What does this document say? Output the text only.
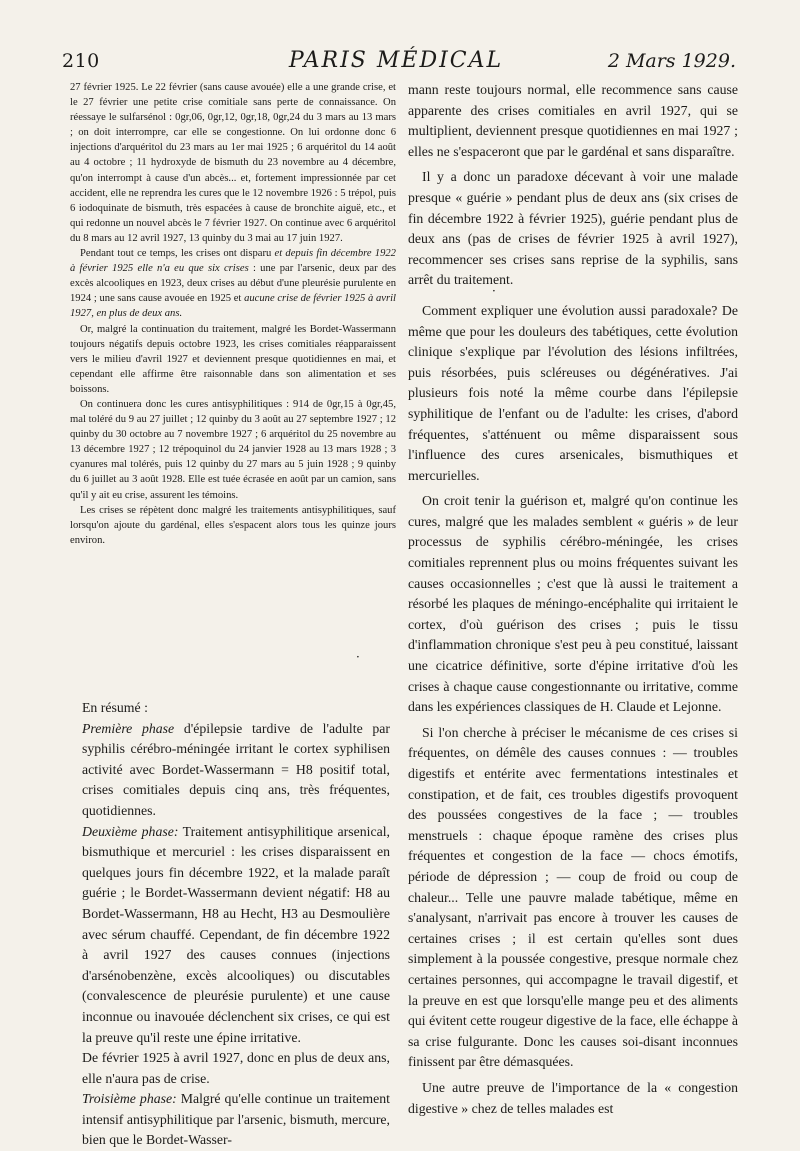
210	PARIS MÉDICAL	2 Mars 1929.

27 février 1925. Le 22 février (sans cause avouée) elle a une grande crise, et le 27 février une petite crise comitiale sans perte de connaissance. On réessaye le sulfarsénol : 0gr,06, 0gr,12, 0gr,18, 0gr,24 du 3 mars au 13 mars ; on doit interrompre, car elle se congestionne. On lui ordonne donc 6 injections d'arquéritol du 23 mars au 1er mai 1925 ; 6 arquéritol du 14 août au 4 octobre ; 11 hydroxyde de bismuth du 23 novembre au 4 décembre, qu'on interrompt à cause d'un abcès... et, fortement impressionnée par cet accident, elle ne reprendra les cures que le 12 novembre 1926 : 5 trépol, puis 6 iodoquinate de bismuth, très espacées à cause de bronchite aiguë, etc., et qui redonne un nouvel abcès le 7 février 1927. On continue avec 6 arquéritol du 8 mars au 12 avril 1927, 13 quinby du 3 mai au 17 juin 1927.

Pendant tout ce temps, les crises ont disparu et depuis fin décembre 1922 à février 1925 elle n'a eu que six crises : une par l'arsenic, deux par des excès alcooliques en 1923, deux crises au début d'une pleurésie purulente en 1924 ; une sans cause avouée en 1925 et aucune crise de février 1925 à avril 1927, en plus de deux ans.

Or, malgré la continuation du traitement, malgré les Bordet-Wassermann toujours négatifs depuis octobre 1923, les crises comitiales réapparaissent vers le milieu d'avril 1927 et deviennent presque quotidiennes en mai, et cependant elle affirme être raisonnable dans son alimentation et ses boissons.

On continuera donc les cures antisyphilitiques : 914 de 0gr,15 à 0gr,45, mal toléré du 9 au 27 juillet ; 12 quinby du 3 août au 27 septembre 1927 ; 12 quinby du 30 octobre au 7 novembre 1927 ; 6 arquéritol du 25 novembre au 13 décembre 1927 ; 12 trépoquinol du 24 janvier 1928 au 13 mars 1928 ; 3 cyanures mal tolérés, puis 12 quinby du 27 mars au 5 juin 1928 ; 9 quinby du 6 juillet au 3 août 1928. Elle est tuée écrasée en août par un camion, sans qu'il y ait eu crise, assurent les témoins.

Les crises se répètent donc malgré les traitements antisyphilitiques, sauf lorsqu'on ajoute du gardénal, elles s'espacent alors tous les quinze jours environ.

En résumé :

Première phase d'épilepsie tardive de l'adulte par syphilis cérébro-méningée irritant le cortex syphilisen activité avec Bordet-Wassermann = H8 positif total, crises comitiales depuis cinq ans, très fréquentes, quotidiennes.

Deuxième phase: Traitement antisyphilitique arsenical, bismuthique et mercuriel : les crises disparaissent en quelques jours fin décembre 1922, et la malade paraît guérie ; le Bordet-Wassermann devient négatif: H8 au Bordet-Wassermann, H8 au Hecht, H3 au Desmoulière avec sérum chauffé. Cependant, de fin décembre 1922 à avril 1927 des causes connues (injections d'arsénobenzène, excès alcooliques) ou discutables (convalescence de pleurésie purulente) et une cause inconnue ou inavouée déclenchent six crises, ce qui est la preuve qu'il reste une épine irritative.

De février 1925 à avril 1927, donc en plus de deux ans, elle n'aura pas de crise.

Troisième phase: Malgré qu'elle continue un traitement intensif antisyphilitique par l'arsenic, bismuth, mercure, bien que le Bordet-Wasser-

mann reste toujours normal, elle recommence sans cause apparente des crises comitiales en avril 1927, qui se multiplient, deviennent presque quotidiennes en mai 1927 ; elles ne s'espaceront que par le gardénal et sans disparaître.

Il y a donc un paradoxe décevant à voir une malade presque « guérie » pendant plus de deux ans (six crises de fin décembre 1922 à février 1925), guérie pendant plus de deux ans (pas de crises de février 1925 à avril 1927), recommencer ses crises sans reprise de la syphilis, sans arrêt du traitement.

Comment expliquer une évolution aussi paradoxale? De même que pour les douleurs des tabétiques, cette évolution clinique s'explique par l'évolution des lésions infiltrées, puis résorbées, puis scléreuses ou dégénératives. J'ai plusieurs fois noté la même courbe dans l'épilepsie syphilitique de l'enfant ou de l'adulte: les crises, d'abord fréquentes, s'atténuent ou même disparaissent sous l'influence des cures arsenicales, bismuthiques et mercurielles.

On croit tenir la guérison et, malgré qu'on continue les cures, malgré que les malades semblent « guéris » de leur processus de syphilis cérébro-méningée, les crises comitiales reprennent plus ou moins fréquentes suivant les causes occasionnelles ; c'est que là aussi le traitement a résorbé les plaques de méningo-encéphalite qui irritaient le cortex, d'où guérison des crises ; puis le tissu d'inflammation chronique s'est peu à peu constitué, laissant une cicatrice définitive, sorte d'épine irritative d'où les crises à chaque cause congestionnante ou irritative, comme dans les expériences classiques de H. Claude et Lejonne.

Si l'on cherche à préciser le mécanisme de ces crises si fréquentes, on démêle des causes connues : — troubles digestifs et entérite avec fermentations intestinales et constipation, et de fait, ces troubles digestifs provoquent des poussées congestives de la face ; — troubles menstruels : chaque époque ramène des crises plus fréquentes et congestion de la face — chocs émotifs, période de dépression ; — coup de froid ou coup de chaleur... Telle une pauvre malade tabétique, même en s'analysant, n'arrivait pas encore à trouver les causes de certaines crises ; il est certain qu'elles sont dues simplement à la poussée congestive, presque normale chez certaines personnes, qui accompagne le travail digestif, et la preuve en est que lorsqu'elle mange peu et des aliments qui évitent cette rougeur digestive de la face, elle échappe à sa crise fulgurante. Donc les causes soi-disant inconnues finissent par être démasquées.

Une autre preuve de l'importance de la « congestion digestive » chez de telles malades est

·
·
